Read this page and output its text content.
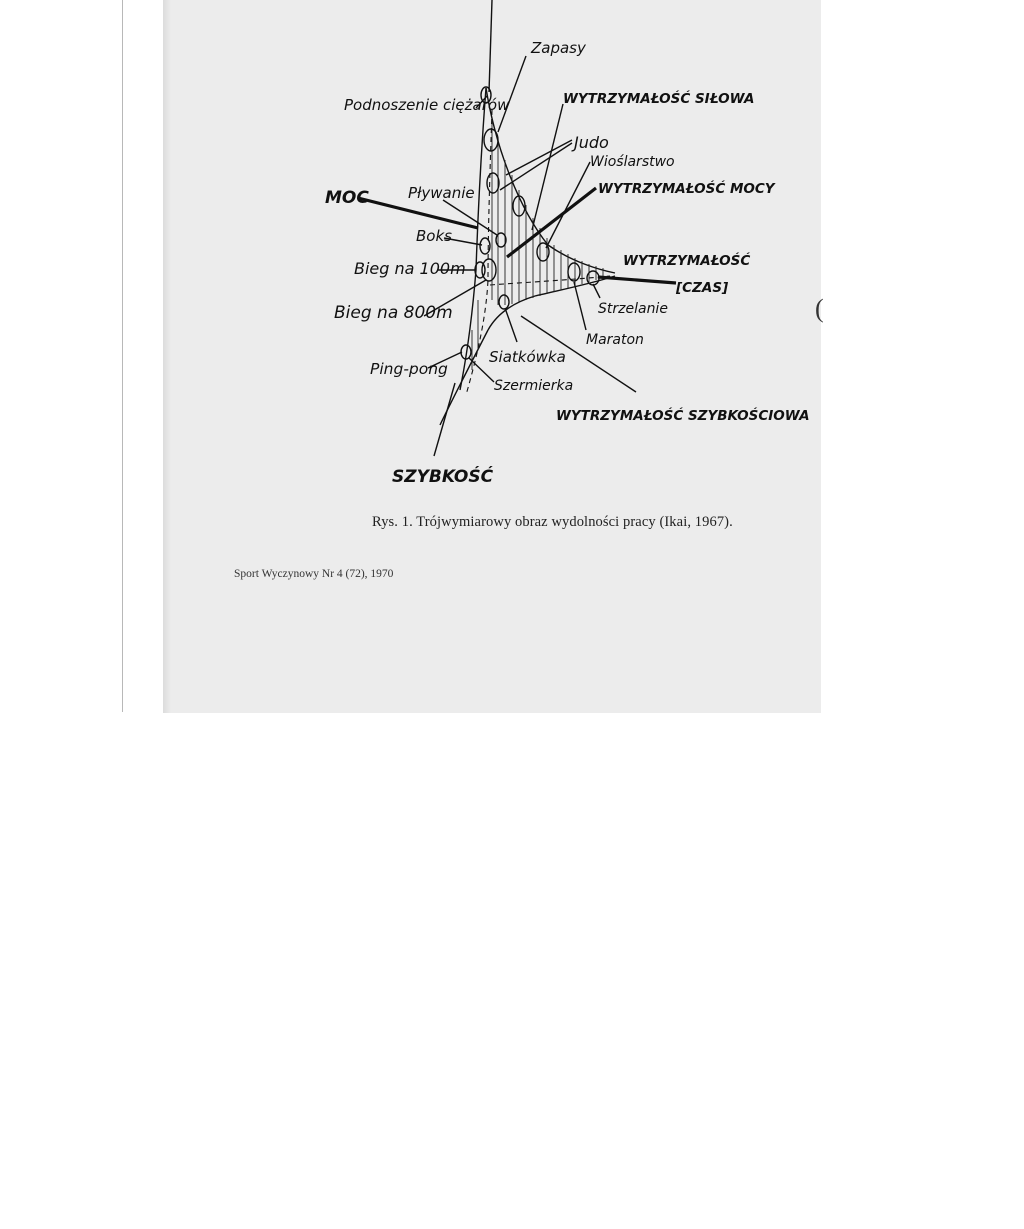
Zapasy
Podnoszenie ciężarów	WYTRZYMAŁOŚĆ SIŁOWA
Judo
Wioślarstwo
WYTRZYMAŁOŚĆ MOCY
MOC	Pływanie
Boks
WYTRZYMAŁOŚĆ
[CZAS]
Bieg na 100m
Strzelanie
Bieg na 800m
Maraton
Ping-pong
Siatkówka
Szermierka
WYTRZYMAŁOŚĆ SZYBKOŚCIOWA
SZYBKOŚĆ
(
Rys. 1. Trójwymiarowy obraz wydolności pracy (Ikai, 1967).
Sport Wyczynowy Nr 4 (72), 1970
